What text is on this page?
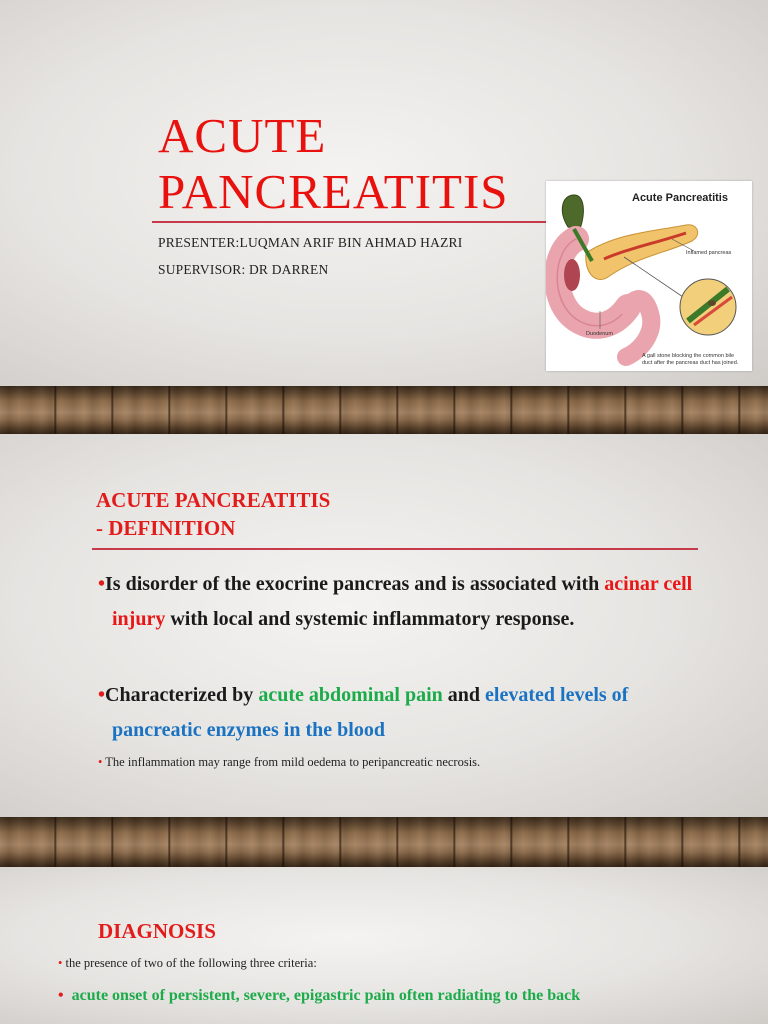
ACUTE
PANCREATITIS

PRESENTER:LUQMAN ARIF BIN AHMAD HAZRI

SUPERVISOR: DR DARREN

Acute Pancreatitis
Inflamed pancreas
Duodenum
A gall stone blocking the common bile
duct after the pancreas duct has joined.
ACUTE PANCREATITIS
- DEFINITION

•Is disorder of the exocrine pancreas and is associated with acinar cell injury with local and systemic inflammatory response.

•Characterized by acute abdominal pain and elevated levels of pancreatic enzymes in the blood

• The inflammation may range from mild oedema to peripancreatic necrosis.

DIAGNOSIS

• the presence of two of the following three criteria:

• acute onset of persistent, severe, epigastric pain often radiating to the back
